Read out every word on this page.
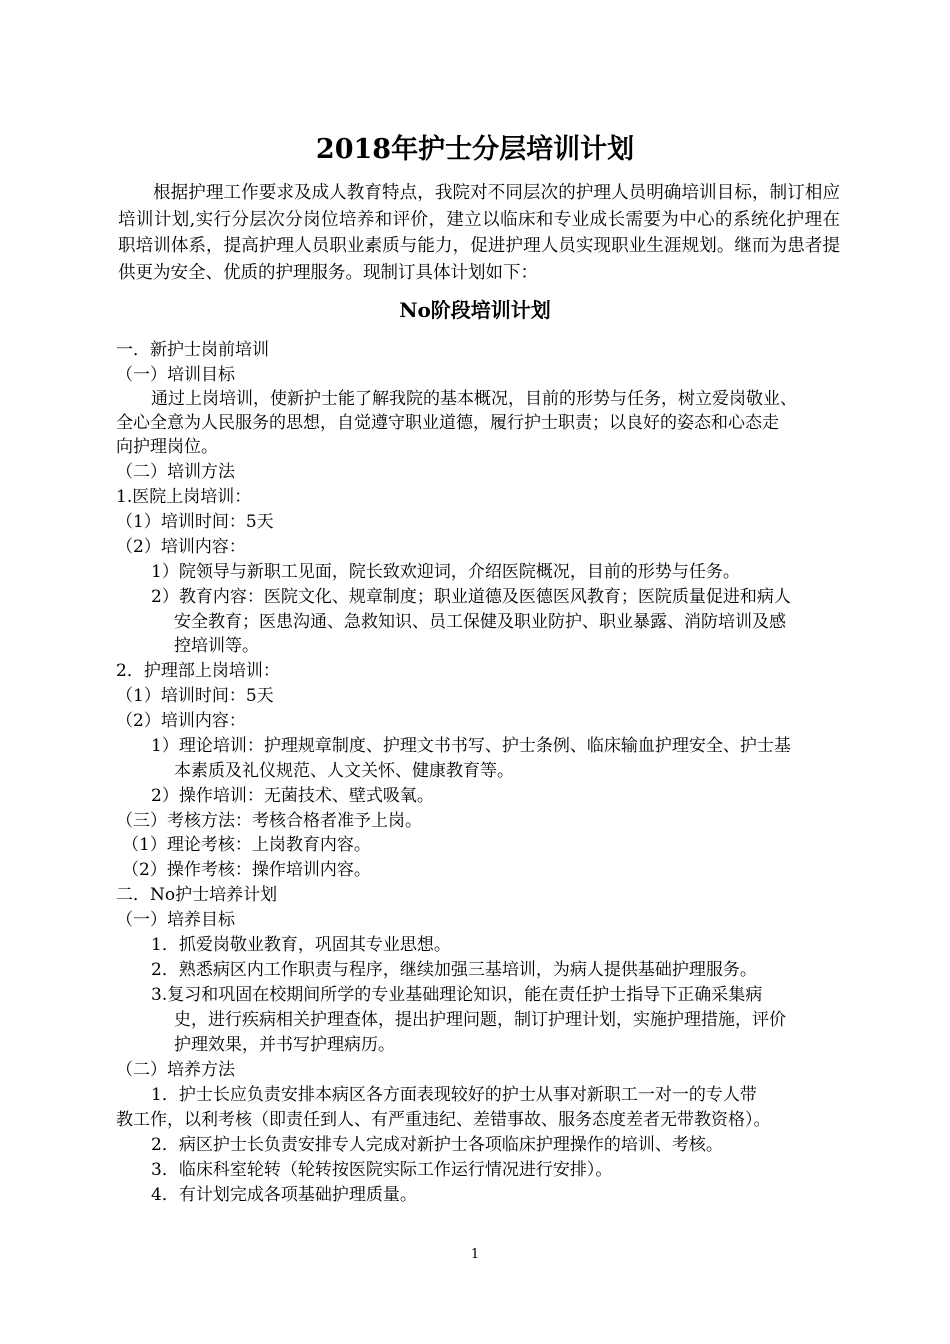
2018年护士分层培训计划
根据护理工作要求及成人教育特点，我院对不同层次的护理人员明确培训目标，制订相应培训计划,实行分层次分岗位培养和评价，建立以临床和专业成长需要为中心的系统化护理在职培训体系，提高护理人员职业素质与能力，促进护理人员实现职业生涯规划。继而为患者提供更为安全、优质的护理服务。现制订具体计划如下：
No阶段培训计划
一．新护士岗前培训
（一）培训目标
通过上岗培训，使新护士能了解我院的基本概况，目前的形势与任务，树立爱岗敬业、
全心全意为人民服务的思想，自觉遵守职业道德，履行护士职责；以良好的姿态和心态走
向护理岗位。
（二）培训方法
1.医院上岗培训：
（1）培训时间：5天
（2）培训内容：
1）院领导与新职工见面，院长致欢迎词，介绍医院概况，目前的形势与任务。
2）教育内容：医院文化、规章制度；职业道德及医德医风教育；医院质量促进和病人
安全教育；医患沟通、急救知识、员工保健及职业防护、职业暴露、消防培训及感
控培训等。
2．护理部上岗培训：
（1）培训时间：5天
（2）培训内容：
1）理论培训：护理规章制度、护理文书书写、护士条例、临床输血护理安全、护士基
本素质及礼仪规范、人文关怀、健康教育等。
2）操作培训：无菌技术、壁式吸氧。
（三）考核方法：考核合格者准予上岗。
（1）理论考核：上岗教育内容。
（2）操作考核：操作培训内容。
二．No护士培养计划
（一）培养目标
1．抓爱岗敬业教育，巩固其专业思想。
2．熟悉病区内工作职责与程序，继续加强三基培训，为病人提供基础护理服务。
3.复习和巩固在校期间所学的专业基础理论知识，能在责任护士指导下正确采集病
史，进行疾病相关护理查体，提出护理问题，制订护理计划，实施护理措施，评价
护理效果，并书写护理病历。
（二）培养方法
1．护士长应负责安排本病区各方面表现较好的护士从事对新职工一对一的专人带
教工作，以利考核（即责任到人、有严重违纪、差错事故、服务态度差者无带教资格）。
2．病区护士长负责安排专人完成对新护士各项临床护理操作的培训、考核。
3．临床科室轮转（轮转按医院实际工作运行情况进行安排）。
4．有计划完成各项基础护理质量。
1
